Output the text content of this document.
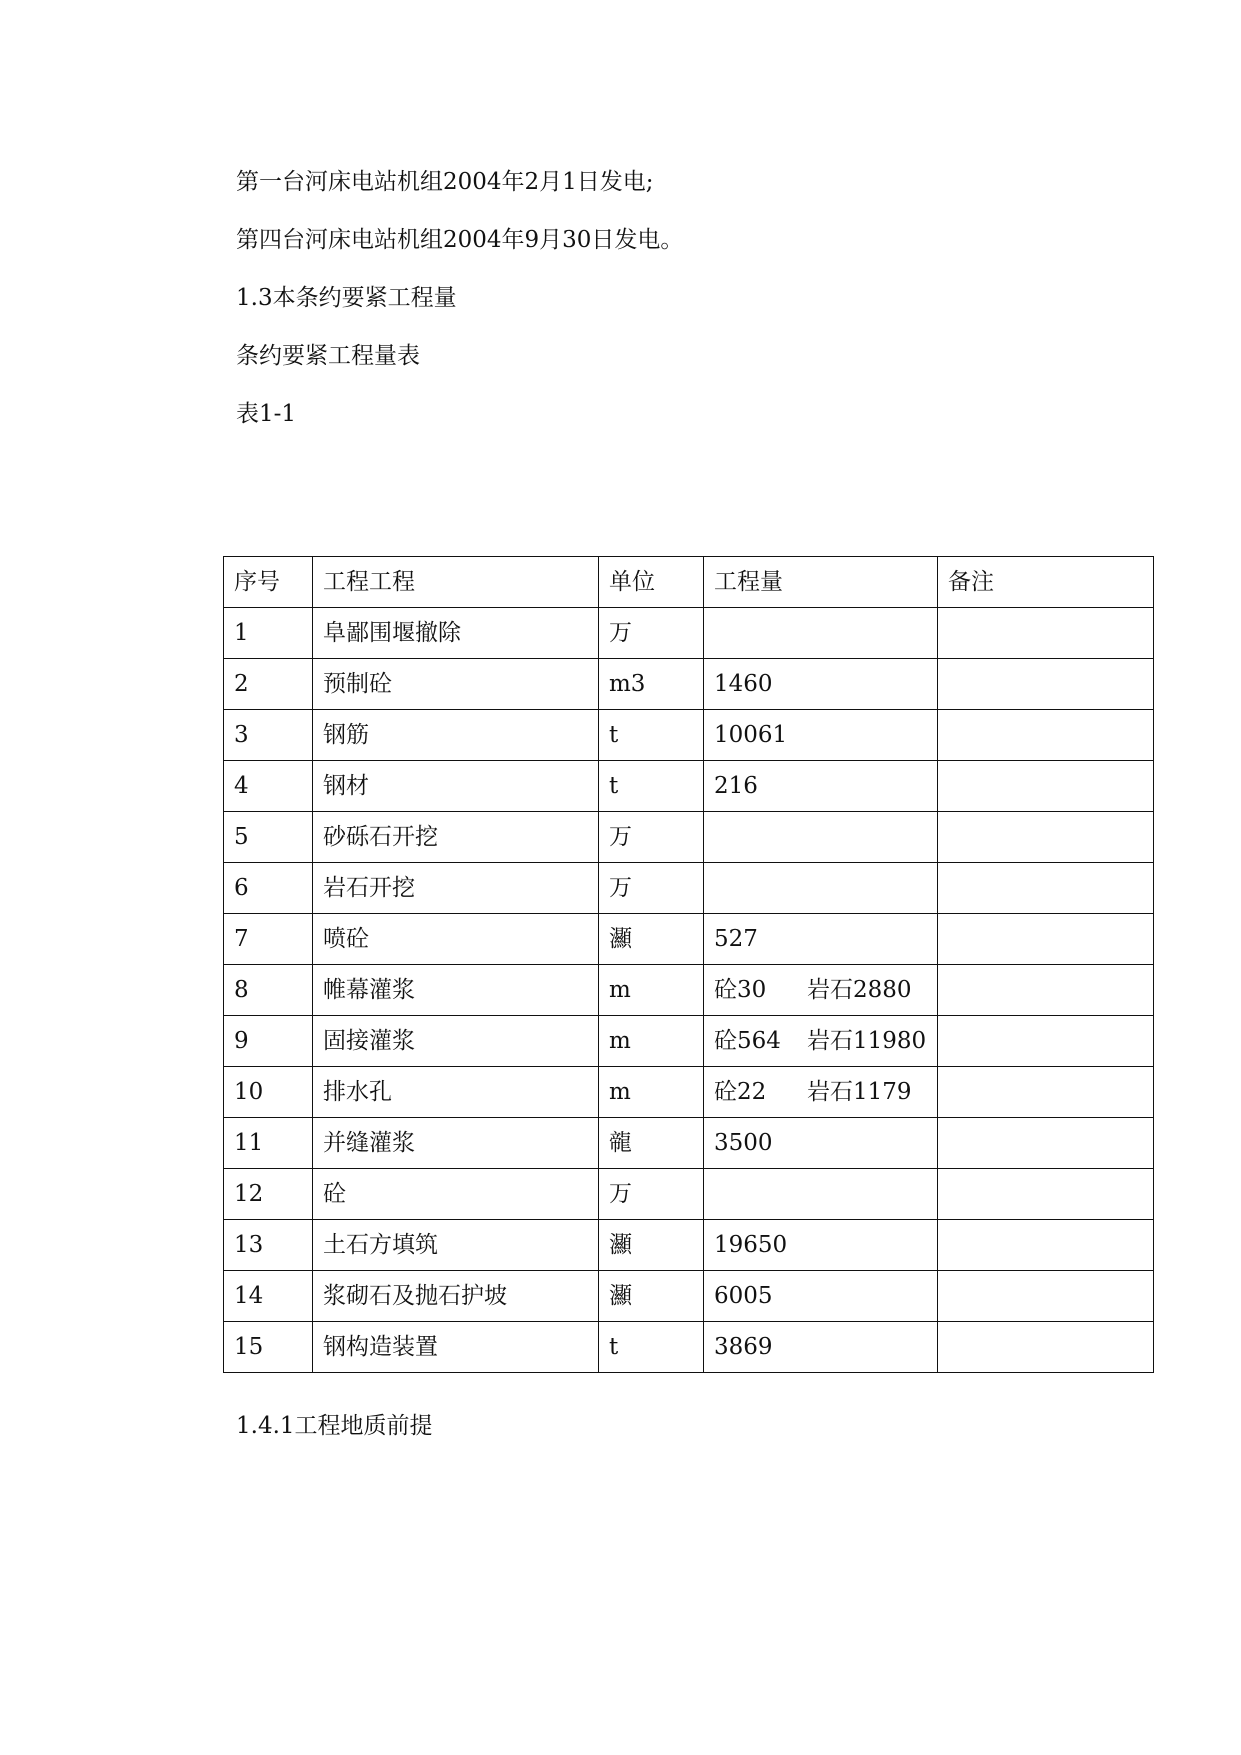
第一台河床电站机组2004年2月1日发电;
第四台河床电站机组2004年9月30日发电。
1.3本条约要紧工程量
条约要紧工程量表
表1-1
序号	工程工程	单位	工程量	备注
1	阜鄙围堰撤除	万		
2	预制砼	m3	1460	
3	钢筋	t	10061	
4	钢材	t	216	
5	砂砾石开挖	万		
6	岩石开挖	万		
7	喷砼	灦	527	
8	帷幕灌浆	m	砼30 岩石2880	

9	固接灌浆	m	砼564 岩石11980	

10	排水孔	m	砼22 岩石1179	

11	并缝灌浆	㡣	3500	
12	砼	万		
13	土石方填筑	灦	19650	
14	浆砌石及抛石护坡	灦	6005	
15	钢构造装置	t	3869	
1.4.1工程地质前提
